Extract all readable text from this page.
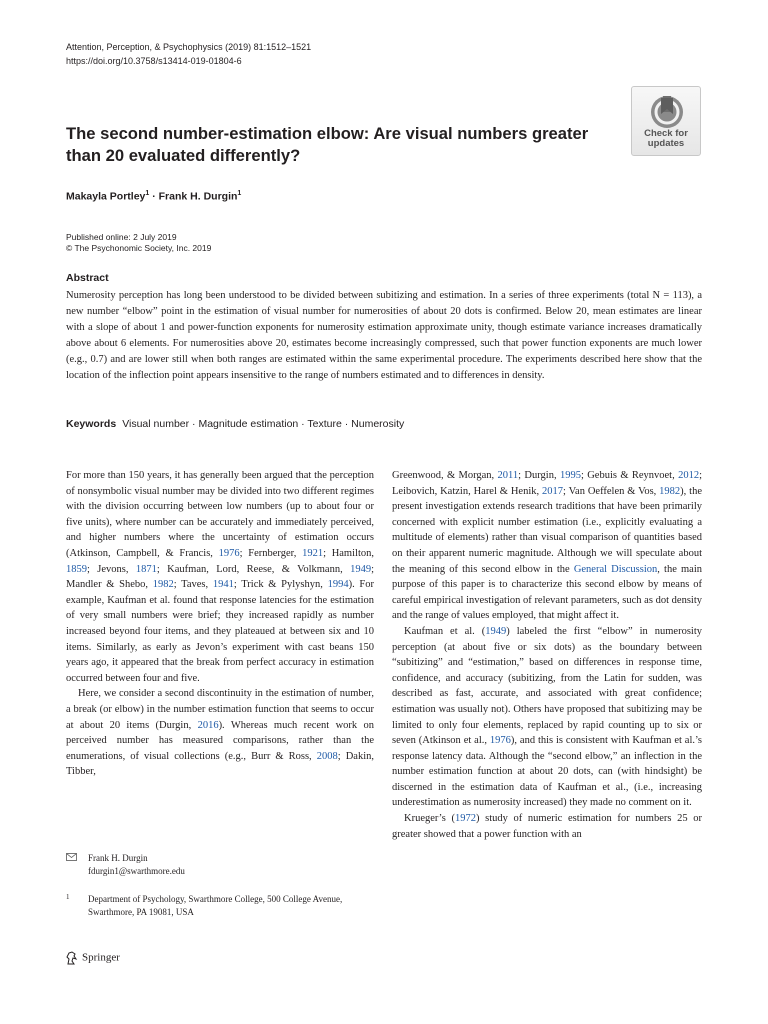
Attention, Perception, & Psychophysics (2019) 81:1512–1521
https://doi.org/10.3758/s13414-019-01804-6
The second number-estimation elbow: Are visual numbers greater than 20 evaluated differently?
Check for
updates
Makayla Portley$^1$ · Frank H. Durgin$^1$
Published online: 2 July 2019
© The Psychonomic Society, Inc. 2019
Abstract

Numerosity perception has long been understood to be divided between subitizing and estimation. In a series of three experiments (total N = 113), a new number “elbow” point in the estimation of visual number for numerosities of about 20 dots is confirmed. Below 20, mean estimates are linear with a slope of about 1 and power-function exponents for numerosity estimation approximate unity, though estimate variance increases dramatically above about 6 elements. For numerosities above 20, estimates become increasingly compressed, such that power function exponents are much lower (e.g., 0.7) and are lower still when both ranges are estimated within the same experimental procedure. The experiments described here show that the location of the inflection point appears insensitive to the range of numbers estimated and to differences in density.

Keywords Visual number · Magnitude estimation · Texture · Numerosity

For more than 150 years, it has generally been argued that the perception of nonsymbolic visual number may be divided into two different regimes with the division occurring between low numbers (up to about four or five units), where number can be accurately and immediately perceived, and higher numbers where the uncertainty of estimation occurs (Atkinson, Campbell, & Francis, 1976; Fernberger, 1921; Hamilton, 1859; Jevons, 1871; Kaufman, Lord, Reese, & Volkmann, 1949; Mandler & Shebo, 1982; Taves, 1941; Trick & Pylyshyn, 1994). For example, Kaufman et al. found that response latencies for the estimation of very small numbers were brief; they increased rapidly as number increased beyond four items, and they plateaued at between six and 10 items. Similarly, as early as Jevon’s experiment with cast beans 150 years ago, it appeared that the break from perfect accuracy in estimation occurred between four and five.

Here, we consider a second discontinuity in the estimation of number, a break (or elbow) in the number estimation function that seems to occur at about 20 items (Durgin, 2016). Whereas much recent work on perceived number has measured comparisons, rather than the enumerations, of visual collections (e.g., Burr & Ross, 2008; Dakin, Tibber,

Greenwood, & Morgan, 2011; Durgin, 1995; Gebuis & Reynvoet, 2012; Leibovich, Katzin, Harel & Henik, 2017; Van Oeffelen & Vos, 1982), the present investigation extends research traditions that have been primarily concerned with explicit number estimation (i.e., explicitly evaluating a multitude of elements) rather than visual comparison of quantities based on their apparent numeric magnitude. Although we will speculate about the meaning of this second elbow in the General Discussion, the main purpose of this paper is to characterize this second elbow by means of careful empirical investigation of relevant parameters, such as dot density and the range of values employed, that might affect it.

Kaufman et al. (1949) labeled the first “elbow” in numerosity perception (at about five or six dots) as the boundary between “subitizing” and “estimation,” based on differences in response time, confidence, and accuracy (subitizing, from the Latin for sudden, was described as fast, accurate, and associated with great confidence; estimation was usually not). Others have proposed that subitizing may be limited to only four elements, replaced by rapid counting up to six or seven (Atkinson et al., 1976), and this is consistent with Kaufman et al.’s response latency data. Although the “second elbow,” an inflection in the number estimation function at about 20 dots, can (with hindsight) be discerned in the estimation data of Kaufman et al., (i.e., increasing underestimation as numerosity increased) they made no comment on it.

Krueger’s (1972) study of numeric estimation for numbers 25 or greater showed that a power function with an

Frank H. Durgin
fdurgin1@swarthmore.edu
1	Department of Psychology, Swarthmore College, 500 College Avenue, Swarthmore, PA 19081, USA
Springer
